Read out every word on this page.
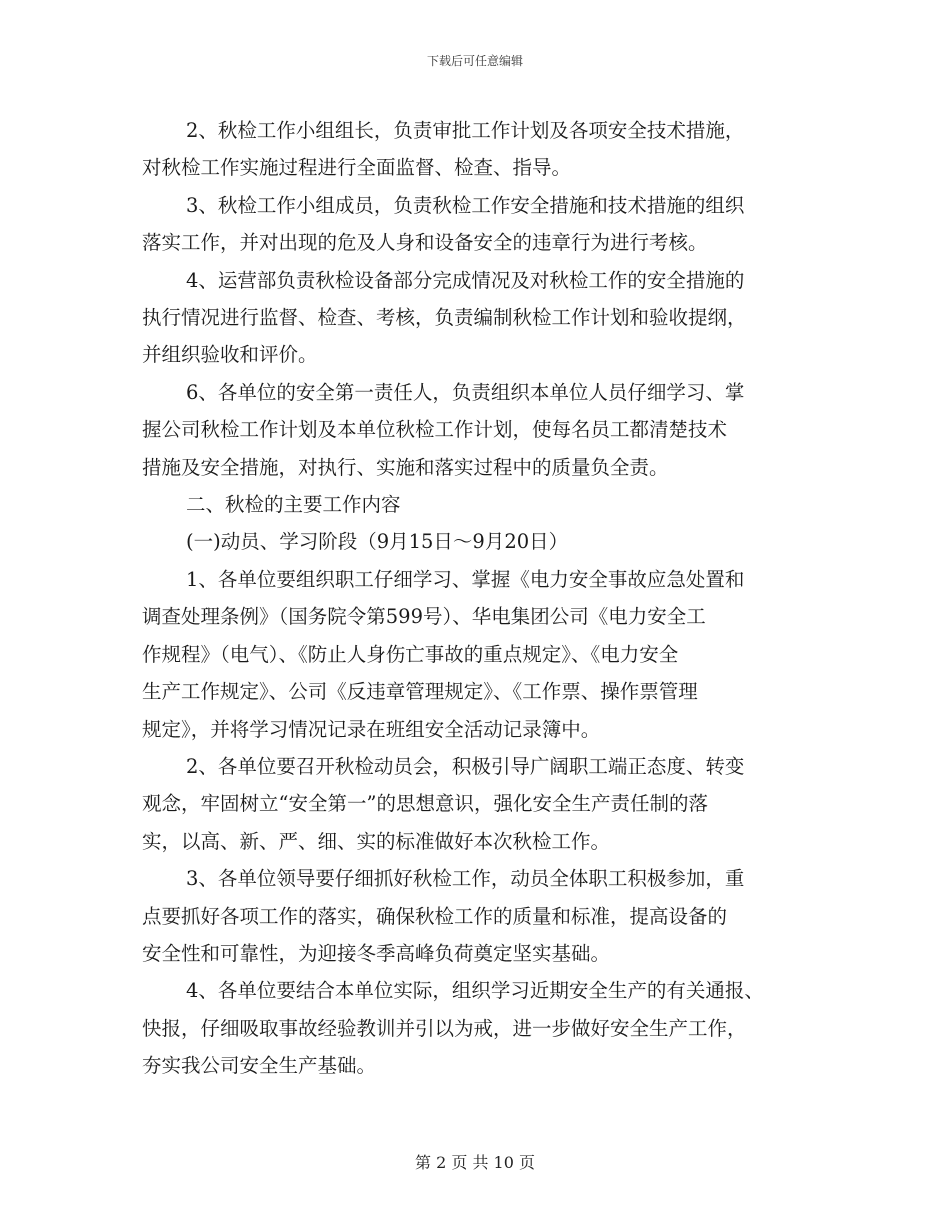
下载后可任意编辑

2、秋检工作小组组长，负责审批工作计划及各项安全技术措施，
对秋检工作实施过程进行全面监督、检查、指导。

3、秋检工作小组成员，负责秋检工作安全措施和技术措施的组织
落实工作，并对出现的危及人身和设备安全的违章行为进行考核。

4、运营部负责秋检设备部分完成情况及对秋检工作的安全措施的
执行情况进行监督、检查、考核，负责编制秋检工作计划和验收提纲，
并组织验收和评价。

6、各单位的安全第一责任人，负责组织本单位人员仔细学习、掌
握公司秋检工作计划及本单位秋检工作计划，使每名员工都清楚技术
措施及安全措施，对执行、实施和落实过程中的质量负全责。

二、秋检的主要工作内容

(一)动员、学习阶段（9月15日～9月20日）

1、各单位要组织职工仔细学习、掌握《电力安全事故应急处置和
调查处理条例》（国务院令第599号）、华电集团公司《电力安全工
作规程》（电气）、《防止人身伤亡事故的重点规定》、《电力安全
生产工作规定》、公司《反违章管理规定》、《工作票、操作票管理
规定》，并将学习情况记录在班组安全活动记录簿中。

2、各单位要召开秋检动员会，积极引导广阔职工端正态度、转变
观念，牢固树立“安全第一”的思想意识，强化安全生产责任制的落
实，以高、新、严、细、实的标准做好本次秋检工作。

3、各单位领导要仔细抓好秋检工作，动员全体职工积极参加，重
点要抓好各项工作的落实，确保秋检工作的质量和标准，提高设备的
安全性和可靠性，为迎接冬季高峰负荷奠定坚实基础。

4、各单位要结合本单位实际，组织学习近期安全生产的有关通报、
快报，仔细吸取事故经验教训并引以为戒，进一步做好安全生产工作，
夯实我公司安全生产基础。

第 2 页 共 10 页
